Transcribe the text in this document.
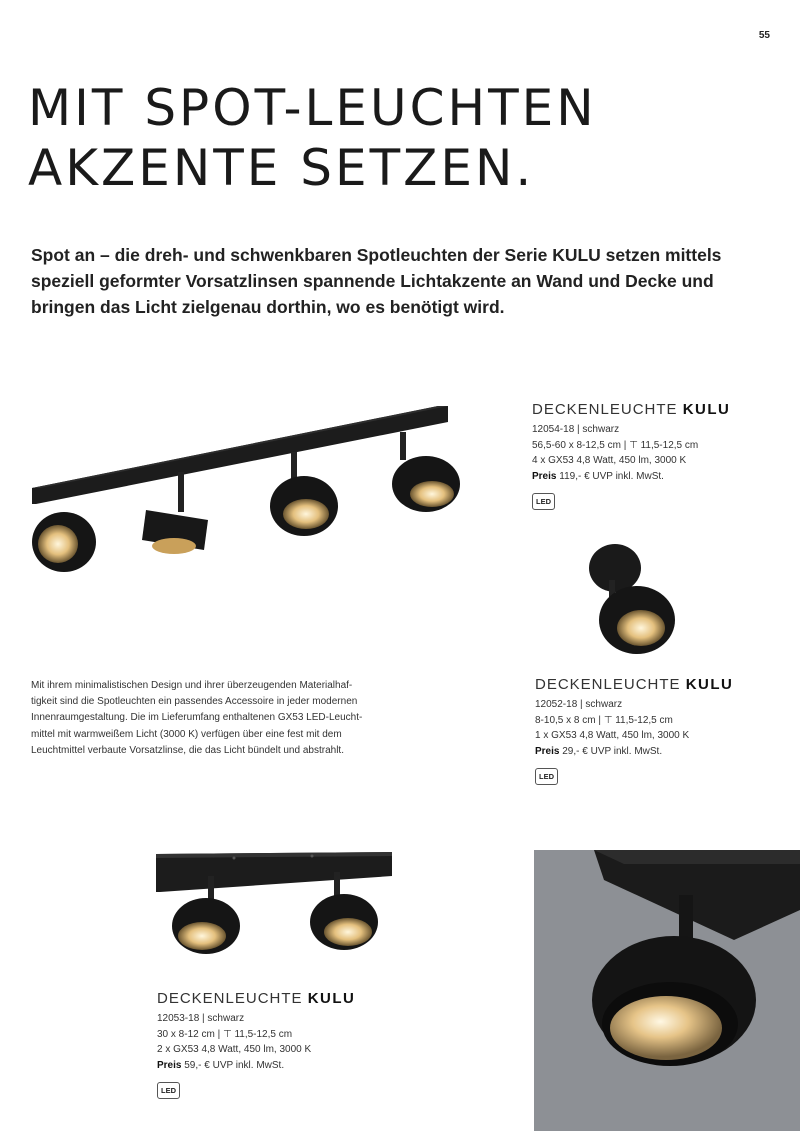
55
MIT SPOT-LEUCHTEN
AKZENTE SETZEN.

Spot an – die dreh- und schwenkbaren Spotleuchten der Serie KULU setzen mittels speziell geformter Vorsatzlinsen spannende Lichtakzente an Wand und Decke und bringen das Licht zielgenau dorthin, wo es benötigt wird.

DECKENLEUCHTE KULU
12054-18 | schwarz
56,5-60 x 8-12,5 cm | ⊤ 11,5-12,5 cm
4 x GX53 4,8 Watt, 450 lm, 3000 K
Preis 119,- € UVP inkl. MwSt.
LED
DECKENLEUCHTE KULU
12052-18 | schwarz
8-10,5 x 8 cm | ⊤ 11,5-12,5 cm
1 x GX53 4,8 Watt, 450 lm, 3000 K
Preis 29,- € UVP inkl. MwSt.
LED
Mit ihrem minimalistischen Design und ihrer überzeugenden Materialhaf-
tigkeit sind die Spotleuchten ein passendes Accessoire in jeder modernen
Innenraumgestaltung. Die im Lieferumfang enthaltenen GX53 LED-Leucht-
mittel mit warmweißem Licht (3000 K) verfügen über eine fest mit dem
Leuchtmittel verbaute Vorsatzlinse, die das Licht bündelt und abstrahlt.
DECKENLEUCHTE KULU
12053-18 | schwarz
30 x 8-12 cm | ⊤ 11,5-12,5 cm
2 x GX53 4,8 Watt, 450 lm, 3000 K
Preis 59,- € UVP inkl. MwSt.
LED
